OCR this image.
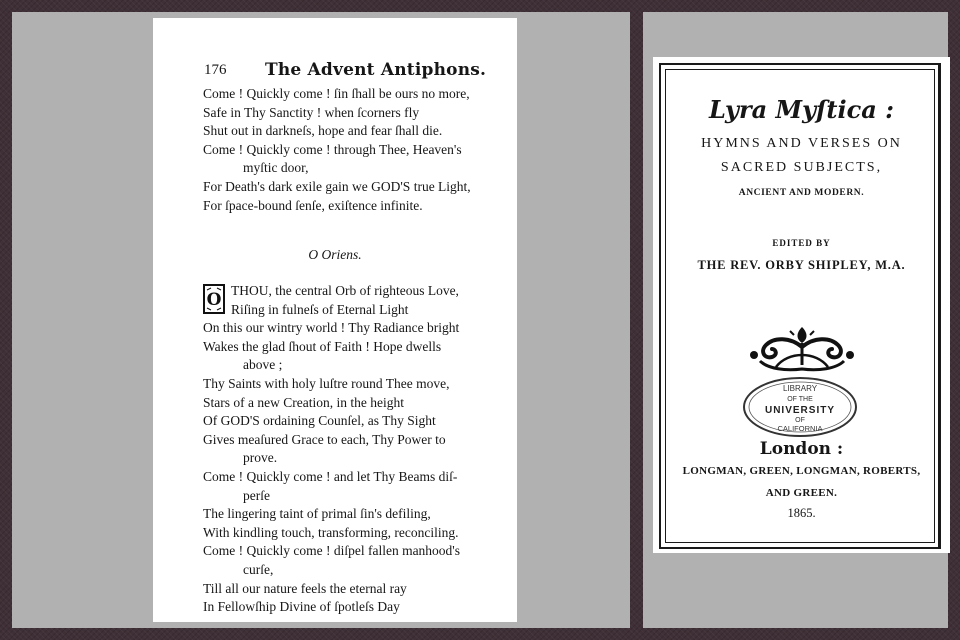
176 The Advent Antiphons.
Come ! Quickly come ! ſin ſhall be ours no more,
Safe in Thy Sanctity ! when ſcorners fly
Shut out in darkneſs, hope and fear ſhall die.
Come ! Quickly come ! through Thee, Heaven's
myſtic door,
For Death's dark exile gain we GOD'S true Light,
For ſpace-bound ſenſe, exiſtence infinite.
O Oriens.
O THOU, the central Orb of righteous Love,
Riſing in fulneſs of Eternal Light
On this our wintry world ! Thy Radiance bright
Wakes the glad ſhout of Faith ! Hope dwells
above ;
Thy Saints with holy luſtre round Thee move,
Stars of a new Creation, in the height
Of GOD'S ordaining Counſel, as Thy Sight
Gives meaſured Grace to each, Thy Power to
prove.
Come ! Quickly come ! and let Thy Beams diſ-
perſe
The lingering taint of primal ſin's defiling,
With kindling touch, transforming, reconciling.
Come ! Quickly come ! diſpel fallen manhood's
curſe,
Till all our nature feels the eternal ray
In Fellowſhip Divine of ſpotleſs Day
Lyra Myſtica :
HYMNS AND VERSES ON
SACRED SUBJECTS,
ANCIENT AND MODERN.
EDITED BY
THE REV. ORBY SHIPLEY, M.A.
LIBRARY
OF THE
UNIVERSITY
OF
CALIFORNIA
London :
LONGMAN, GREEN, LONGMAN, ROBERTS,
AND GREEN.
1865.
